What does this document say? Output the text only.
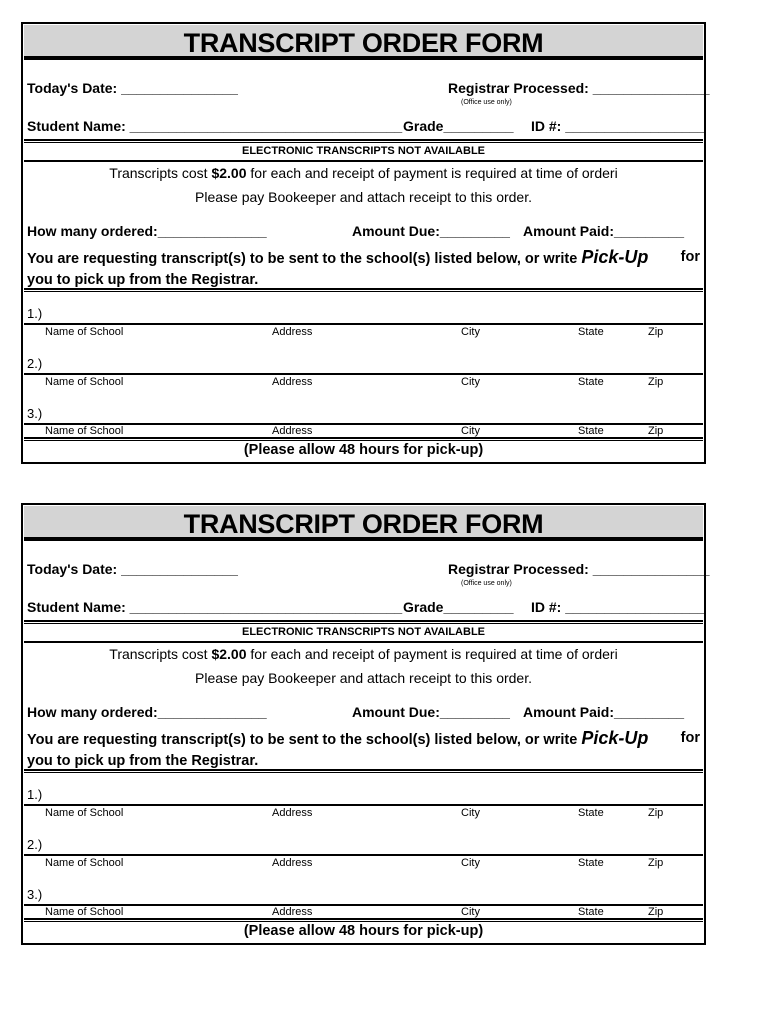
TRANSCRIPT ORDER FORM
Today's Date: _______________	Registrar Processed: _______________
(Office use only)
Student Name: ___________________________________ Grade_________ ID #: __________________
ELECTRONIC TRANSCRIPTS NOT AVAILABLE
Transcripts cost $2.00 for each and receipt of payment is required at time of orderi
Please pay Bookeeper and attach receipt to this order.
How many ordered:______________	Amount Due:_________ Amount Paid:_________
You are requesting transcript(s) to be sent to the school(s) listed below, or write Pick-Up for
you to pick up from the Registrar.
1.)
Name of School	Address	City	State	Zip
2.)
Name of School	Address	City	State	Zip
3.)
Name of School	Address	City	State	Zip
(Please allow 48 hours for pick-up)
TRANSCRIPT ORDER FORM
Today's Date: _______________	Registrar Processed: _______________
(Office use only)
Student Name: ___________________________________ Grade_________ ID #: __________________
ELECTRONIC TRANSCRIPTS NOT AVAILABLE
Transcripts cost $2.00 for each and receipt of payment is required at time of orderi
Please pay Bookeeper and attach receipt to this order.
How many ordered:______________	Amount Due:_________ Amount Paid:_________
You are requesting transcript(s) to be sent to the school(s) listed below, or write Pick-Up for
you to pick up from the Registrar.
1.)
Name of School	Address	City	State	Zip
2.)
Name of School	Address	City	State	Zip
3.)
Name of School	Address	City	State	Zip
(Please allow 48 hours for pick-up)
